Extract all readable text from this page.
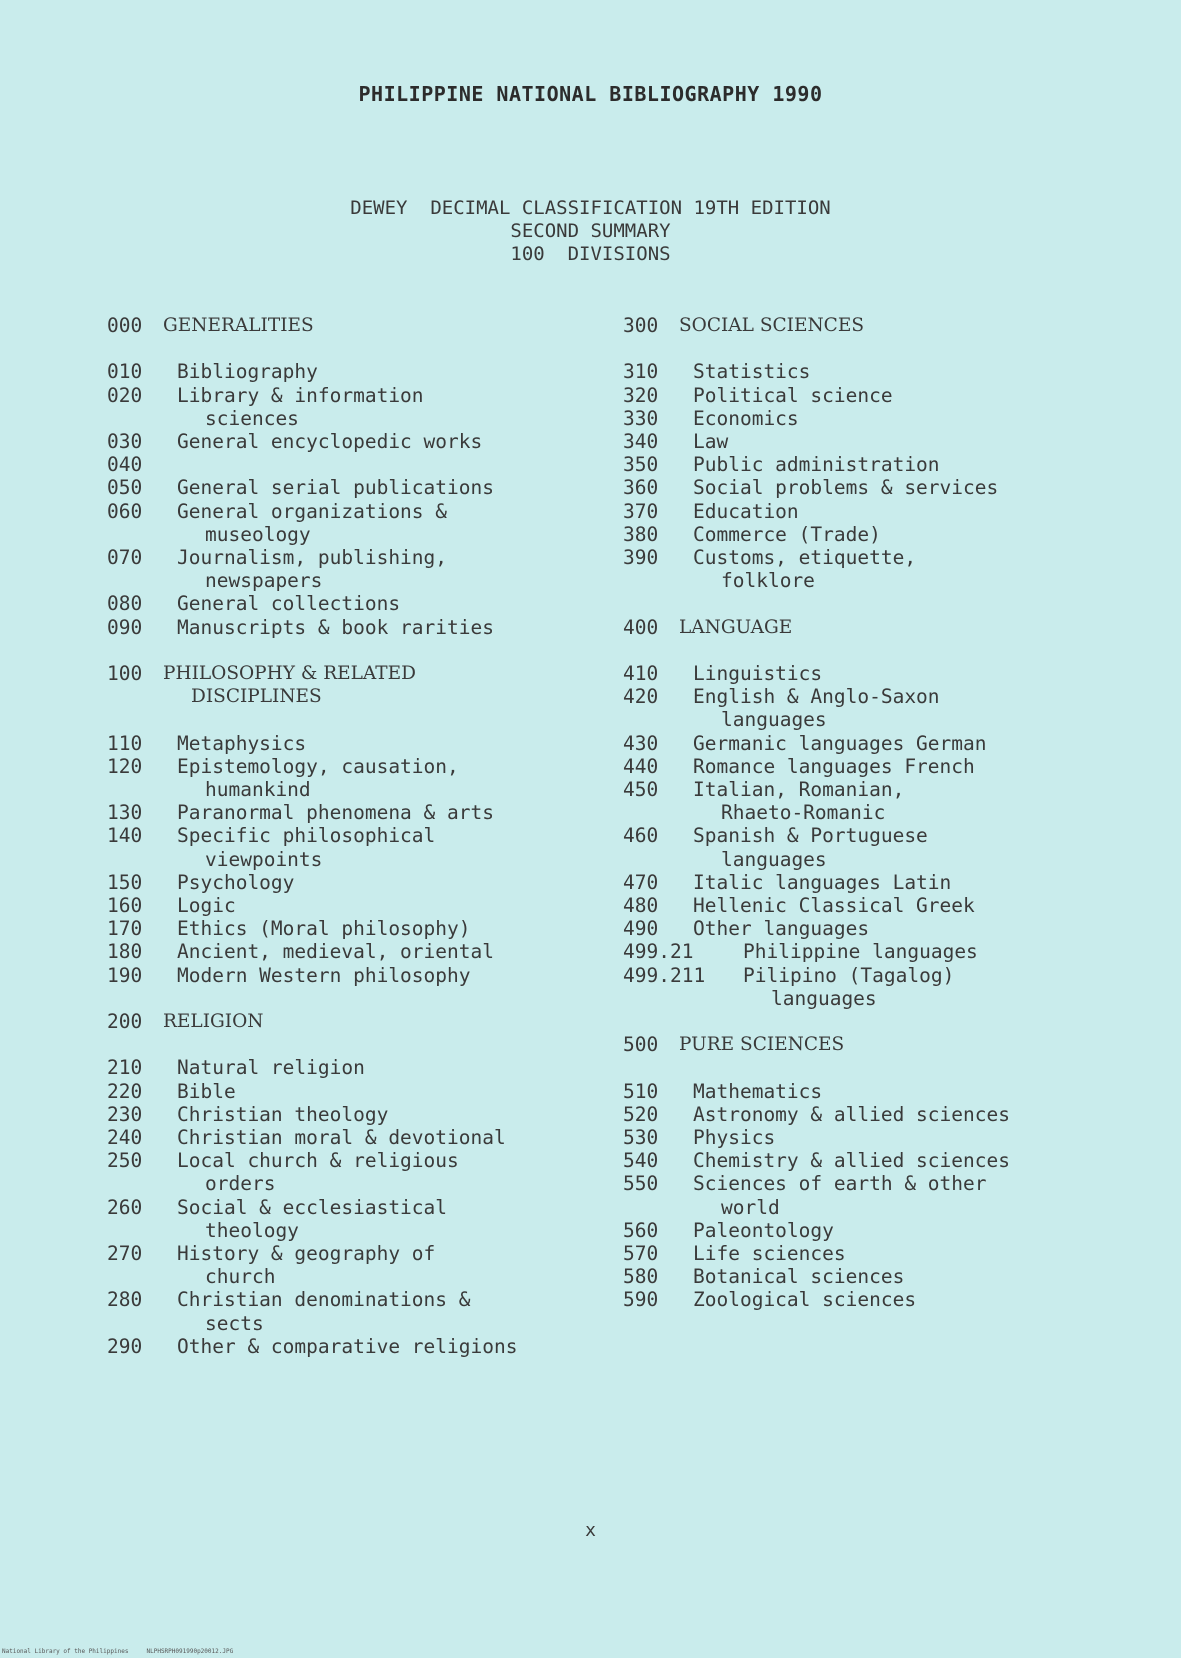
PHILIPPINE NATIONAL BIBLIOGRAPHY 1990
DEWEY  DECIMAL CLASSIFICATION 19TH EDITION
SECOND SUMMARY
100  DIVISIONS
000	GENERALITIES
010	Bibliography
020	Library & information
sciences
030	General encyclopedic works
040
050	General serial publications
060	General organizations &
museology
070	Journalism, publishing,
newspapers
080	General collections
090	Manuscripts & book rarities
100	PHILOSOPHY & RELATED
DISCIPLINES
110	Metaphysics
120	Epistemology, causation,
humankind
130	Paranormal phenomena & arts
140	Specific philosophical
viewpoints
150	Psychology
160	Logic
170	Ethics (Moral philosophy)
180	Ancient, medieval, oriental
190	Modern Western philosophy
200	RELIGION
210	Natural religion
220	Bible
230	Christian theology
240	Christian moral & devotional
250	Local church & religious
orders
260	Social & ecclesiastical
theology
270	History & geography of
church
280	Christian denominations &
sects
290	Other & comparative religions
300	SOCIAL SCIENCES
310	Statistics
320	Political science
330	Economics
340	Law
350	Public administration
360	Social problems & services
370	Education
380	Commerce (Trade)
390	Customs, etiquette,
folklore
400	LANGUAGE
410	Linguistics
420	English & Anglo-Saxon
languages
430	Germanic languages German
440	Romance languages French
450	Italian, Romanian,
Rhaeto-Romanic
460	Spanish & Portuguese
languages
470	Italic languages Latin
480	Hellenic Classical Greek
490	Other languages
499.21	Philippine languages
499.211	Pilipino (Tagalog)
languages
500	PURE SCIENCES
510	Mathematics
520	Astronomy & allied sciences
530	Physics
540	Chemistry & allied sciences
550	Sciences of earth & other
world
560	Paleontology
570	Life sciences
580	Botanical sciences
590	Zoological sciences
x
National Library of the Philippines     NLPHSRPH091990p20012.JPG
